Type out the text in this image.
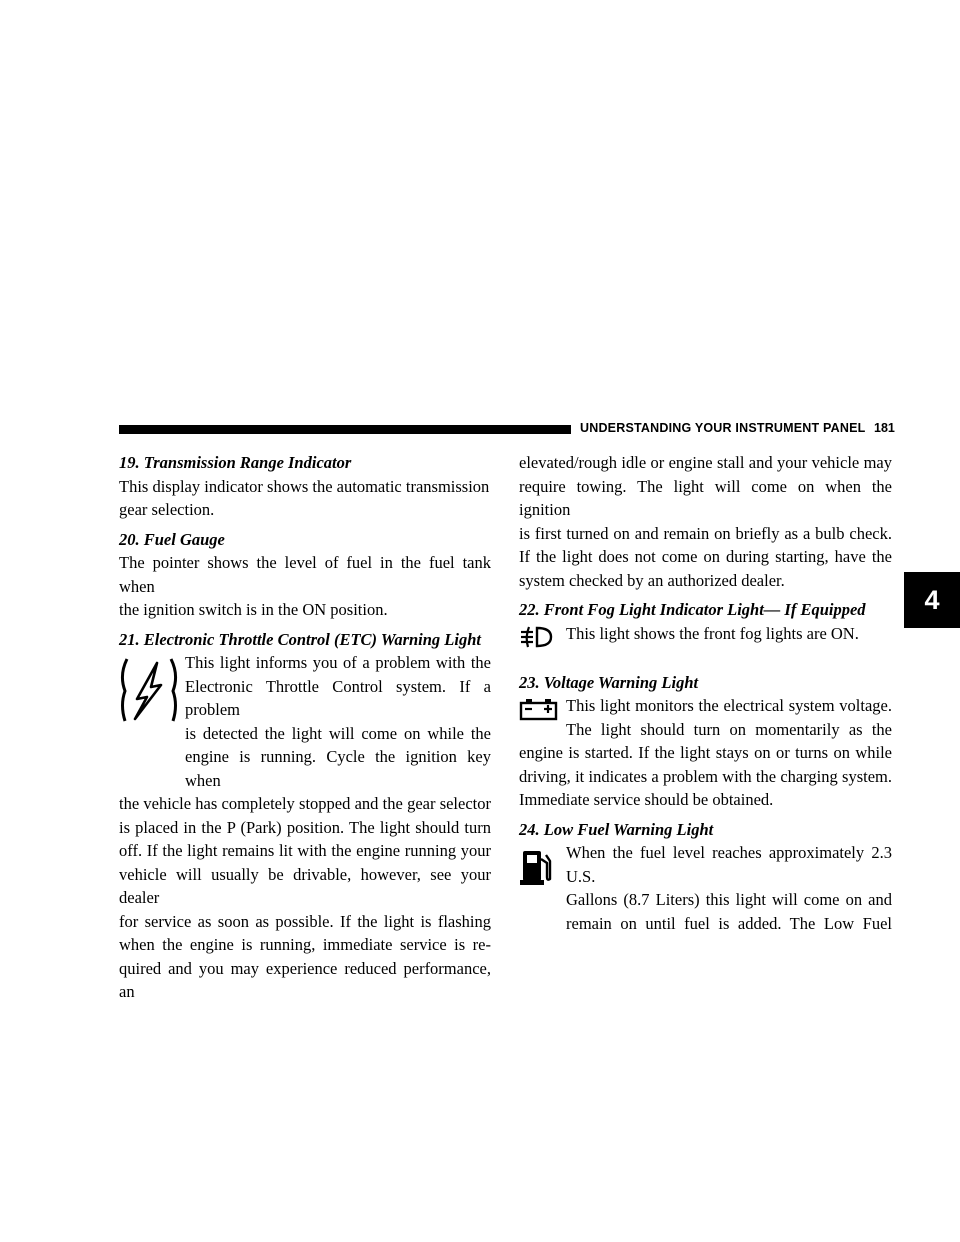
UNDERSTANDING YOUR INSTRUMENT PANEL 181
4
19. Transmission Range Indicator
This display indicator shows the automatic transmission
gear selection.
20. Fuel Gauge
The pointer shows the level of fuel in the fuel tank when
the ignition switch is in the ON position.
21. Electronic Throttle Control (ETC) Warning Light
This light informs you of a problem with the
Electronic Throttle Control system. If a problem
is detected the light will come on while the
engine is running. Cycle the ignition key when
the vehicle has completely stopped and the gear selector
is placed in the P (Park) position. The light should turn
off. If the light remains lit with the engine running your
vehicle will usually be drivable, however, see your dealer
for service as soon as possible. If the light is flashing
when the engine is running, immediate service is re-
quired and you may experience reduced performance, an
elevated/rough idle or engine stall and your vehicle may
require towing. The light will come on when the ignition
is first turned on and remain on briefly as a bulb check.
If the light does not come on during starting, have the
system checked by an authorized dealer.
22. Front Fog Light Indicator Light— If Equipped
This light shows the front fog lights are ON.
23. Voltage Warning Light
This light monitors the electrical system voltage.
The light should turn on momentarily as the
engine is started. If the light stays on or turns on while
driving, it indicates a problem with the charging system.
Immediate service should be obtained.
24. Low Fuel Warning Light
When the fuel level reaches approximately 2.3 U.S.
Gallons (8.7 Liters) this light will come on and
remain on until fuel is added. The Low Fuel
